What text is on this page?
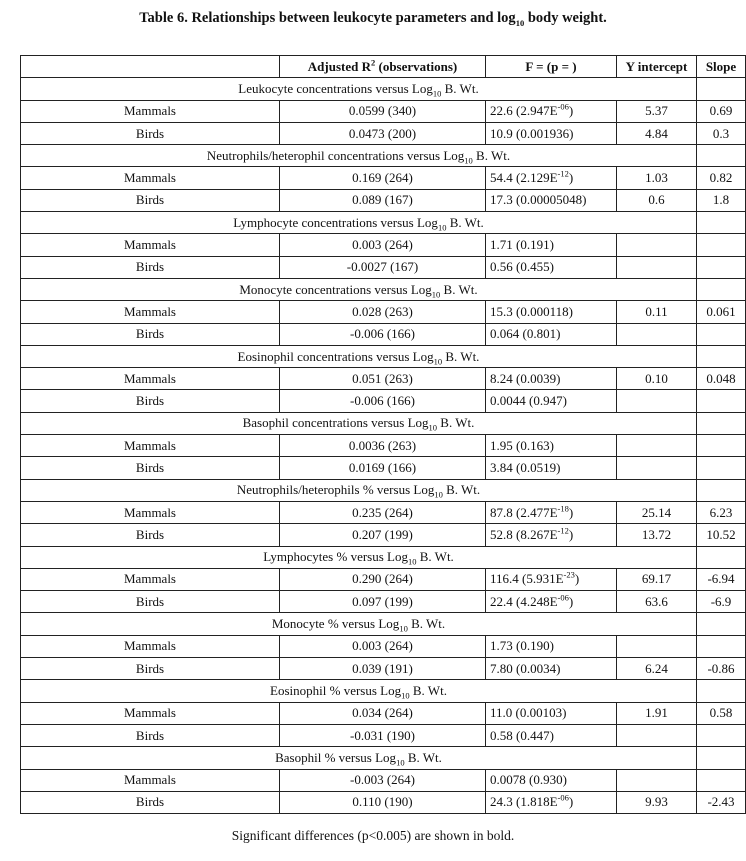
Table 6. Relationships between leukocyte parameters and $\log_{10}$ body weight.
	Adjusted $R^2$ (observations)	F = (p = )	Y intercept	Slope
Leukocyte concentrations versus Log$_{10}$ B. Wt.				
Mammals	0.0599 (340)	22.6 $(2.947E^{-06})$	5.37	0.69
Birds	0.0473 (200)	10.9 (0.001936)	4.84	0.3
Neutrophils/heterophil concentrations versus Log$_{10}$ B. Wt.				
Mammals	0.169 (264)	54.4 $(2.129E^{-12})$	1.03	0.82
Birds	0.089 (167)	17.3 (0.00005048)	0.6	1.8
Lymphocyte concentrations versus Log$_{10}$ B. Wt.				
Mammals	0.003 (264)	1.71 (0.191)		
Birds	-0.0027 (167)	0.56 (0.455)		
Monocyte concentrations versus Log$_{10}$ B. Wt.				
Mammals	0.028 (263)	15.3 (0.000118)	0.11	0.061
Birds	-0.006 (166)	0.064 (0.801)		
Eosinophil concentrations versus Log$_{10}$ B. Wt.				
Mammals	0.051 (263)	8.24 (0.0039)	0.10	0.048
Birds	-0.006 (166)	0.0044 (0.947)		
Basophil concentrations versus Log$_{10}$ B. Wt.				
Mammals	0.0036 (263)	1.95 (0.163)		
Birds	0.0169 (166)	3.84 (0.0519)		
Neutrophils/heterophils % versus Log$_{10}$ B. Wt.				
Mammals	0.235 (264)	87.8 $(2.477E^{-18})$	25.14	6.23
Birds	0.207 (199)	52.8 $(8.267E^{-12})$	13.72	10.52
Lymphocytes % versus Log$_{10}$ B. Wt.				
Mammals	0.290 (264)	116.4 $(5.931E^{-23})$	69.17	-6.94
Birds	0.097 (199)	22.4 $(4.248E^{-06})$	63.6	-6.9
Monocyte % versus Log$_{10}$ B. Wt.				
Mammals	0.003 (264)	1.73 (0.190)		
Birds	0.039 (191)	7.80 (0.0034)	6.24	-0.86
Eosinophil % versus Log$_{10}$ B. Wt.				
Mammals	0.034 (264)	11.0 (0.00103)	1.91	0.58
Birds	-0.031 (190)	0.58 (0.447)		
Basophil % versus Log$_{10}$ B. Wt.				
Mammals	-0.003 (264)	0.0078 (0.930)		
Birds	0.110 (190)	24.3 $(1.818E^{-06})$	9.93	-2.43
Significant differences (p<0.005) are shown in bold.
